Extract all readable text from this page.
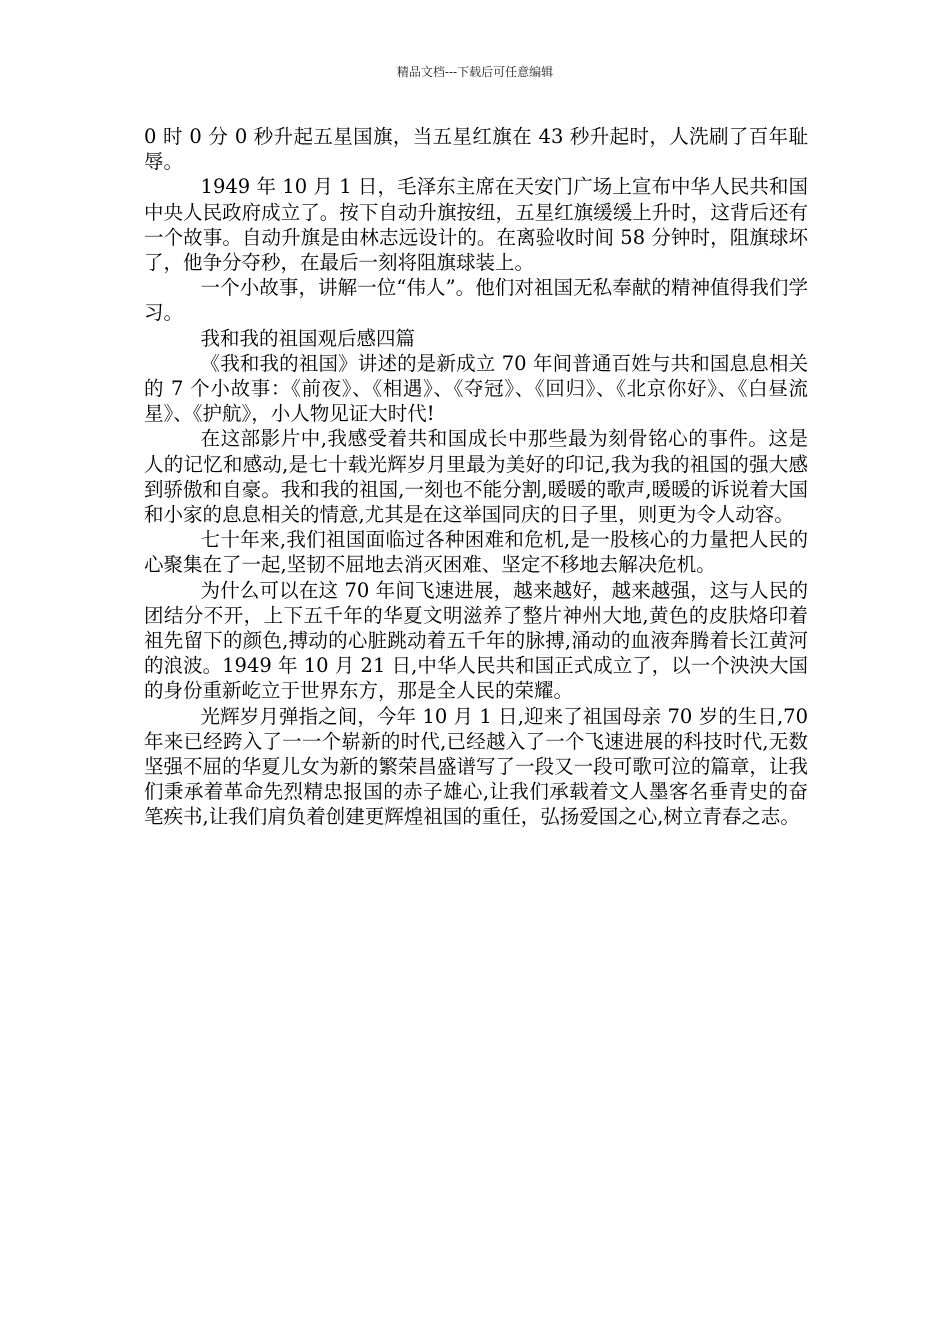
精品文档---下载后可任意编辑

0 时 0 分 0 秒升起五星国旗，当五星红旗在 43 秒升起时，人洗刷了百年耻辱。

1949 年 10 月 1 日，毛泽东主席在天安门广场上宣布中华人民共和国中央人民政府成立了。按下自动升旗按纽，五星红旗缓缓上升时，这背后还有一个故事。自动升旗是由林志远设计的。在离验收时间 58 分钟时，阻旗球坏了，他争分夺秒，在最后一刻将阻旗球装上。

一个小故事，讲解一位“伟人”。他们对祖国无私奉献的精神值得我们学习。

我和我的祖国观后感四篇

《我和我的祖国》讲述的是新成立 70 年间普通百姓与共和国息息相关的 7 个小故事：《前夜》、《相遇》、《夺冠》、《回归》、《北京你好》、《白昼流星》、《护航》，小人物见证大时代!

在这部影片中,我感受着共和国成长中那些最为刻骨铭心的事件。这是人的记忆和感动,是七十载光辉岁月里最为美好的印记,我为我的祖国的强大感到骄傲和自豪。我和我的祖国,一刻也不能分割,暖暖的歌声,暖暖的诉说着大国和小家的息息相关的情意,尤其是在这举国同庆的日子里，则更为令人动容。

七十年来,我们祖国面临过各种困难和危机,是一股核心的力量把人民的心聚集在了一起,坚韧不屈地去消灭困难、坚定不移地去解决危机。

为什么可以在这 70 年间飞速进展，越来越好，越来越强，这与人民的团结分不开，上下五千年的华夏文明滋养了整片神州大地,黄色的皮肤烙印着祖先留下的颜色,搏动的心脏跳动着五千年的脉搏,涌动的血液奔腾着长江黄河的浪波。1949 年 10 月 21 日,中华人民共和国正式成立了，以一个泱泱大国的身份重新屹立于世界东方，那是全人民的荣耀。

光辉岁月弹指之间，今年 10 月 1 日,迎来了祖国母亲 70 岁的生日,70 年来已经跨入了一一个崭新的时代,已经越入了一个飞速进展的科技时代,无数坚强不屈的华夏儿女为新的繁荣昌盛谱写了一段又一段可歌可泣的篇章，让我们秉承着革命先烈精忠报国的赤子雄心,让我们承载着文人墨客名垂青史的奋笔疾书,让我们肩负着创建更辉煌祖国的重任，弘扬爱国之心,树立青春之志。
